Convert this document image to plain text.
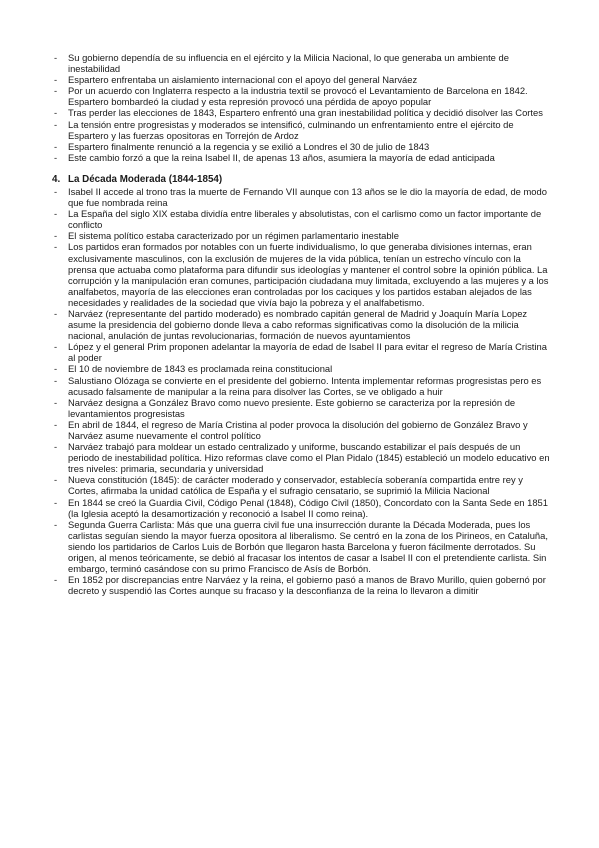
- Su gobierno dependía de su influencia en el ejército y la Milicia Nacional, lo que generaba un ambiente de inestabilidad
- Espartero enfrentaba un aislamiento internacional con el apoyo del general Narváez
- Por un acuerdo con Inglaterra respecto a la industria textil se provocó el Levantamiento de Barcelona en 1842. Espartero bombardeó la ciudad y esta represión provocó una pérdida de apoyo popular
- Tras perder las elecciones de 1843, Espartero enfrentó una gran inestabilidad política y decidió disolver las Cortes
- La tensión entre progresistas y moderados se intensificó, culminando un enfrentamiento entre el ejército de Espartero y las fuerzas opositoras en Torrejón de Ardoz
- Espartero finalmente renunció a la regencia y se exilió a Londres el 30 de julio de 1843
- Este cambio forzó a que la reina Isabel II, de apenas 13 años, asumiera la mayoría de edad anticipada
4. La Década Moderada (1844-1854)
- Isabel II accede al trono tras la muerte de Fernando VII aunque con 13 años se le dio la mayoría de edad, de modo que fue nombrada reina
- La España del siglo XIX estaba dividía entre liberales y absolutistas, con el carlismo como un factor importante de conflicto
- El sistema político estaba caracterizado por un régimen parlamentario inestable
- Los partidos eran formados por notables con un fuerte individualismo, lo que generaba divisiones internas, eran exclusivamente masculinos, con la exclusión de mujeres de la vida pública, tenían un estrecho vínculo con la prensa que actuaba como plataforma para difundir sus ideologías y mantener el control sobre la opinión pública. La corrupción y la manipulación eran comunes, participación ciudadana muy limitada, excluyendo a las mujeres y a los analfabetos, mayoría de las elecciones eran controladas por los caciques y los partidos estaban alejados de las necesidades y realidades de la sociedad que vivía bajo la pobreza y el analfabetismo.
- Narváez (representante del partido moderado) es nombrado capitán general de Madrid y Joaquín María Lopez asume la presidencia del gobierno donde lleva a cabo reformas significativas como la disolución de la milicia nacional, anulación de juntas revolucionarias, formación de nuevos ayuntamientos
- López y el general Prim proponen adelantar la mayoría de edad de Isabel II para evitar el regreso de María Cristina al poder
- El 10 de noviembre de 1843 es proclamada reina constitucional
- Salustiano Olózaga se convierte en el presidente del gobierno. Intenta implementar reformas progresistas pero es acusado falsamente de manipular a la reina para disolver las Cortes, se ve obligado a huir
- Narváez designa a González Bravo como nuevo presiente. Este gobierno se caracteriza por la represión de levantamientos progresistas
- En abril de 1844, el regreso de María Cristina al poder provoca la disolución del gobierno de González Bravo y Narváez asume nuevamente el control político
- Narváez trabajó para moldear un estado centralizado y uniforme, buscando estabilizar el país después de un periodo de inestabilidad política. Hizo reformas clave como el Plan Pidalo (1845) estableció un modelo educativo en tres niveles: primaria, secundaria y universidad
- Nueva constitución (1845): de carácter moderado y conservador, establecía soberanía compartida entre rey y Cortes, afirmaba la unidad católica de España y el sufragio censatario, se suprimió la Milicia Nacional
- En 1844 se creó la Guardia Civil, Código Penal (1848), Código Civil (1850), Concordato con la Santa Sede en 1851 (la Iglesia aceptó la desamortización y reconoció a Isabel II como reina).
- Segunda Guerra Carlista: Más que una guerra civil fue una insurrección durante la Década Moderada, pues los carlistas seguían siendo la mayor fuerza opositora al liberalismo. Se centró en la zona de los Pirineos, en Cataluña, siendo los partidarios de Carlos Luis de Borbón que llegaron hasta Barcelona y fueron fácilmente derrotados. Su origen, al menos teóricamente, se debió al fracasar los intentos de casar a Isabel II con el pretendiente carlista. Sin embargo, terminó casándose con su primo Francisco de Asís de Borbón.
- En 1852 por discrepancias entre Narváez y la reina, el gobierno pasó a manos de Bravo Murillo, quien gobernó por decreto y suspendió las Cortes aunque su fracaso y la desconfianza de la reina lo llevaron a dimitir
